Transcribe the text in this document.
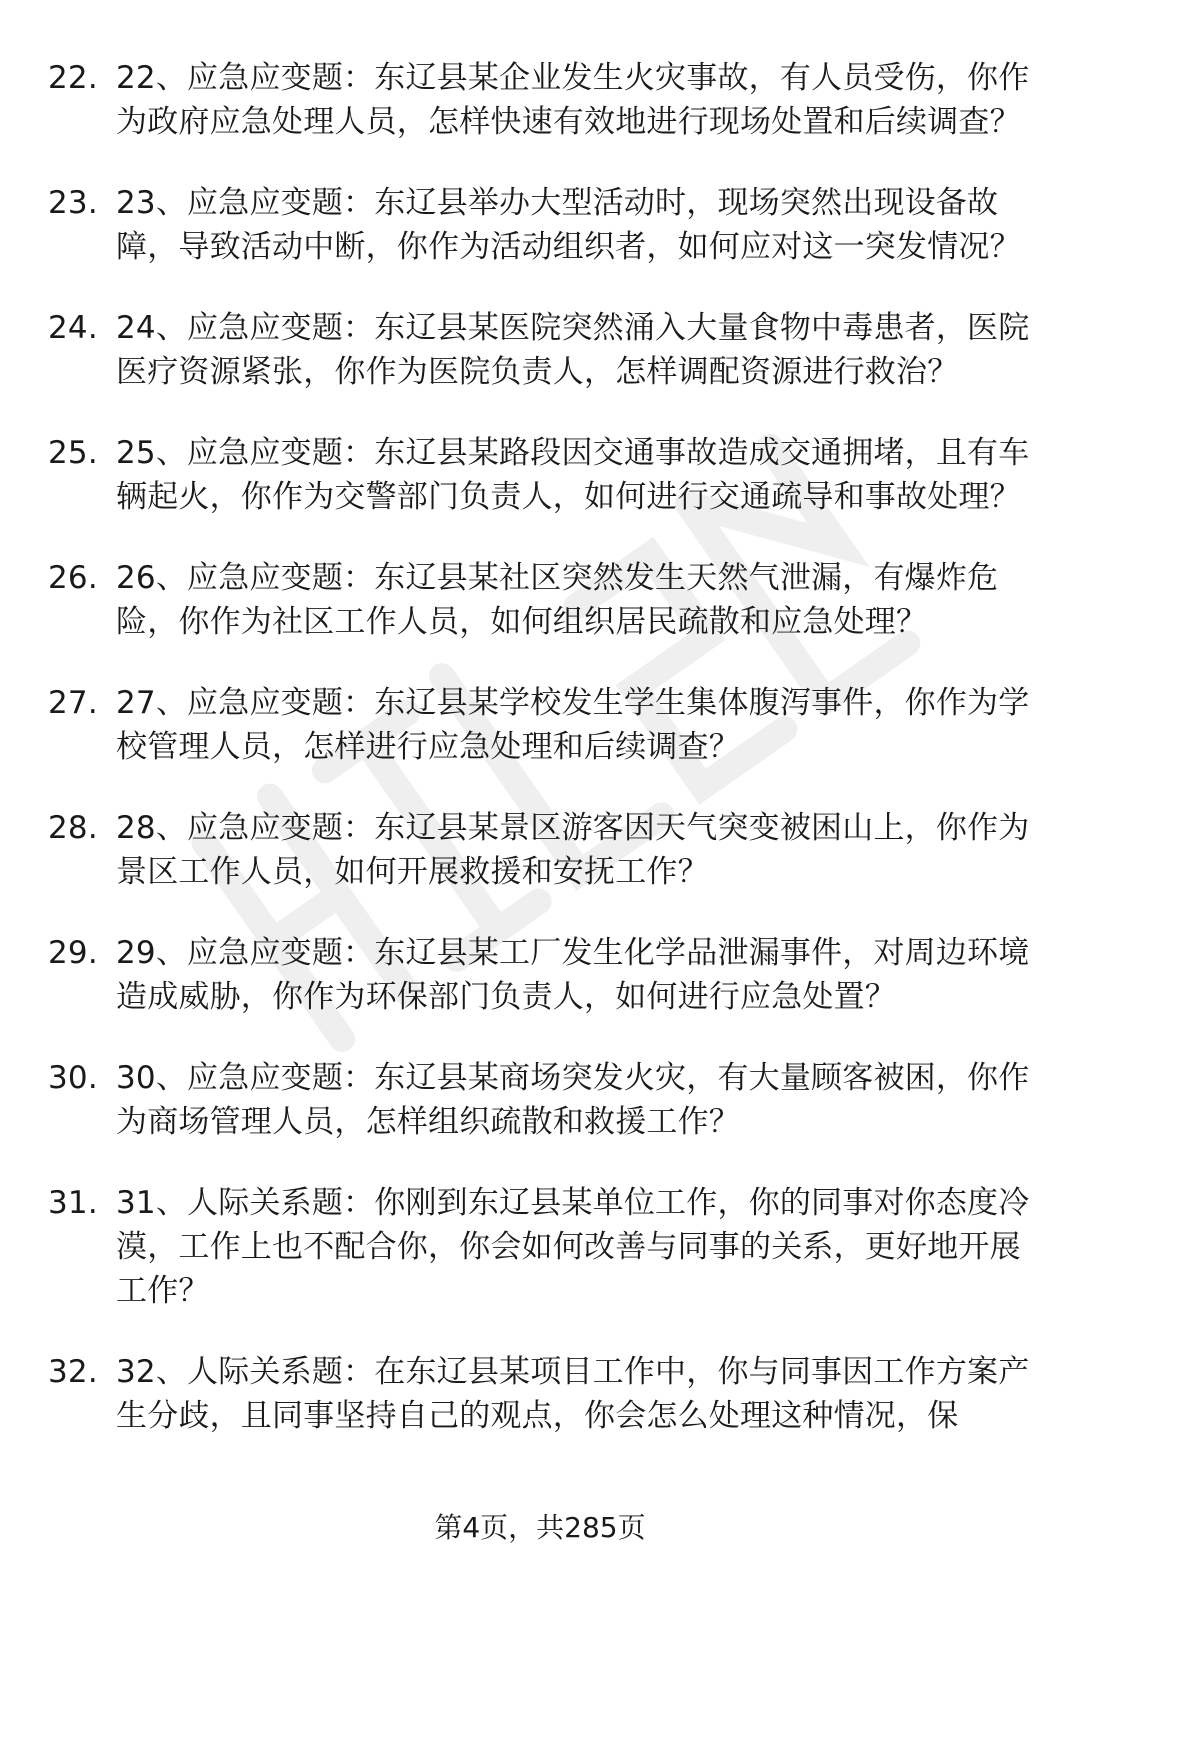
22. 22、应急应变题：东辽县某企业发生火灾事故，有人员受伤，你作为政府应急处理人员，怎样快速有效地进行现场处置和后续调查？
23. 23、应急应变题：东辽县举办大型活动时，现场突然出现设备故障，导致活动中断，你作为活动组织者，如何应对这一突发情况？
24. 24、应急应变题：东辽县某医院突然涌入大量食物中毒患者，医院医疗资源紧张，你作为医院负责人，怎样调配资源进行救治？
25. 25、应急应变题：东辽县某路段因交通事故造成交通拥堵，且有车辆起火，你作为交警部门负责人，如何进行交通疏导和事故处理？
26. 26、应急应变题：东辽县某社区突然发生天然气泄漏，有爆炸危险，你作为社区工作人员，如何组织居民疏散和应急处理？
27. 27、应急应变题：东辽县某学校发生学生集体腹泻事件，你作为学校管理人员，怎样进行应急处理和后续调查？
28. 28、应急应变题：东辽县某景区游客因天气突变被困山上，你作为景区工作人员，如何开展救援和安抚工作？
29. 29、应急应变题：东辽县某工厂发生化学品泄漏事件，对周边环境造成威胁，你作为环保部门负责人，如何进行应急处置？
30. 30、应急应变题：东辽县某商场突发火灾，有大量顾客被困，你作为商场管理人员，怎样组织疏散和救援工作？
31. 31、人际关系题：你刚到东辽县某单位工作，你的同事对你态度冷漠，工作上也不配合你，你会如何改善与同事的关系，更好地开展工作？
32. 32、人际关系题：在东辽县某项目工作中，你与同事因工作方案产生分歧，且同事坚持自己的观点，你会怎么处理这种情况，保
第4页，共285页
